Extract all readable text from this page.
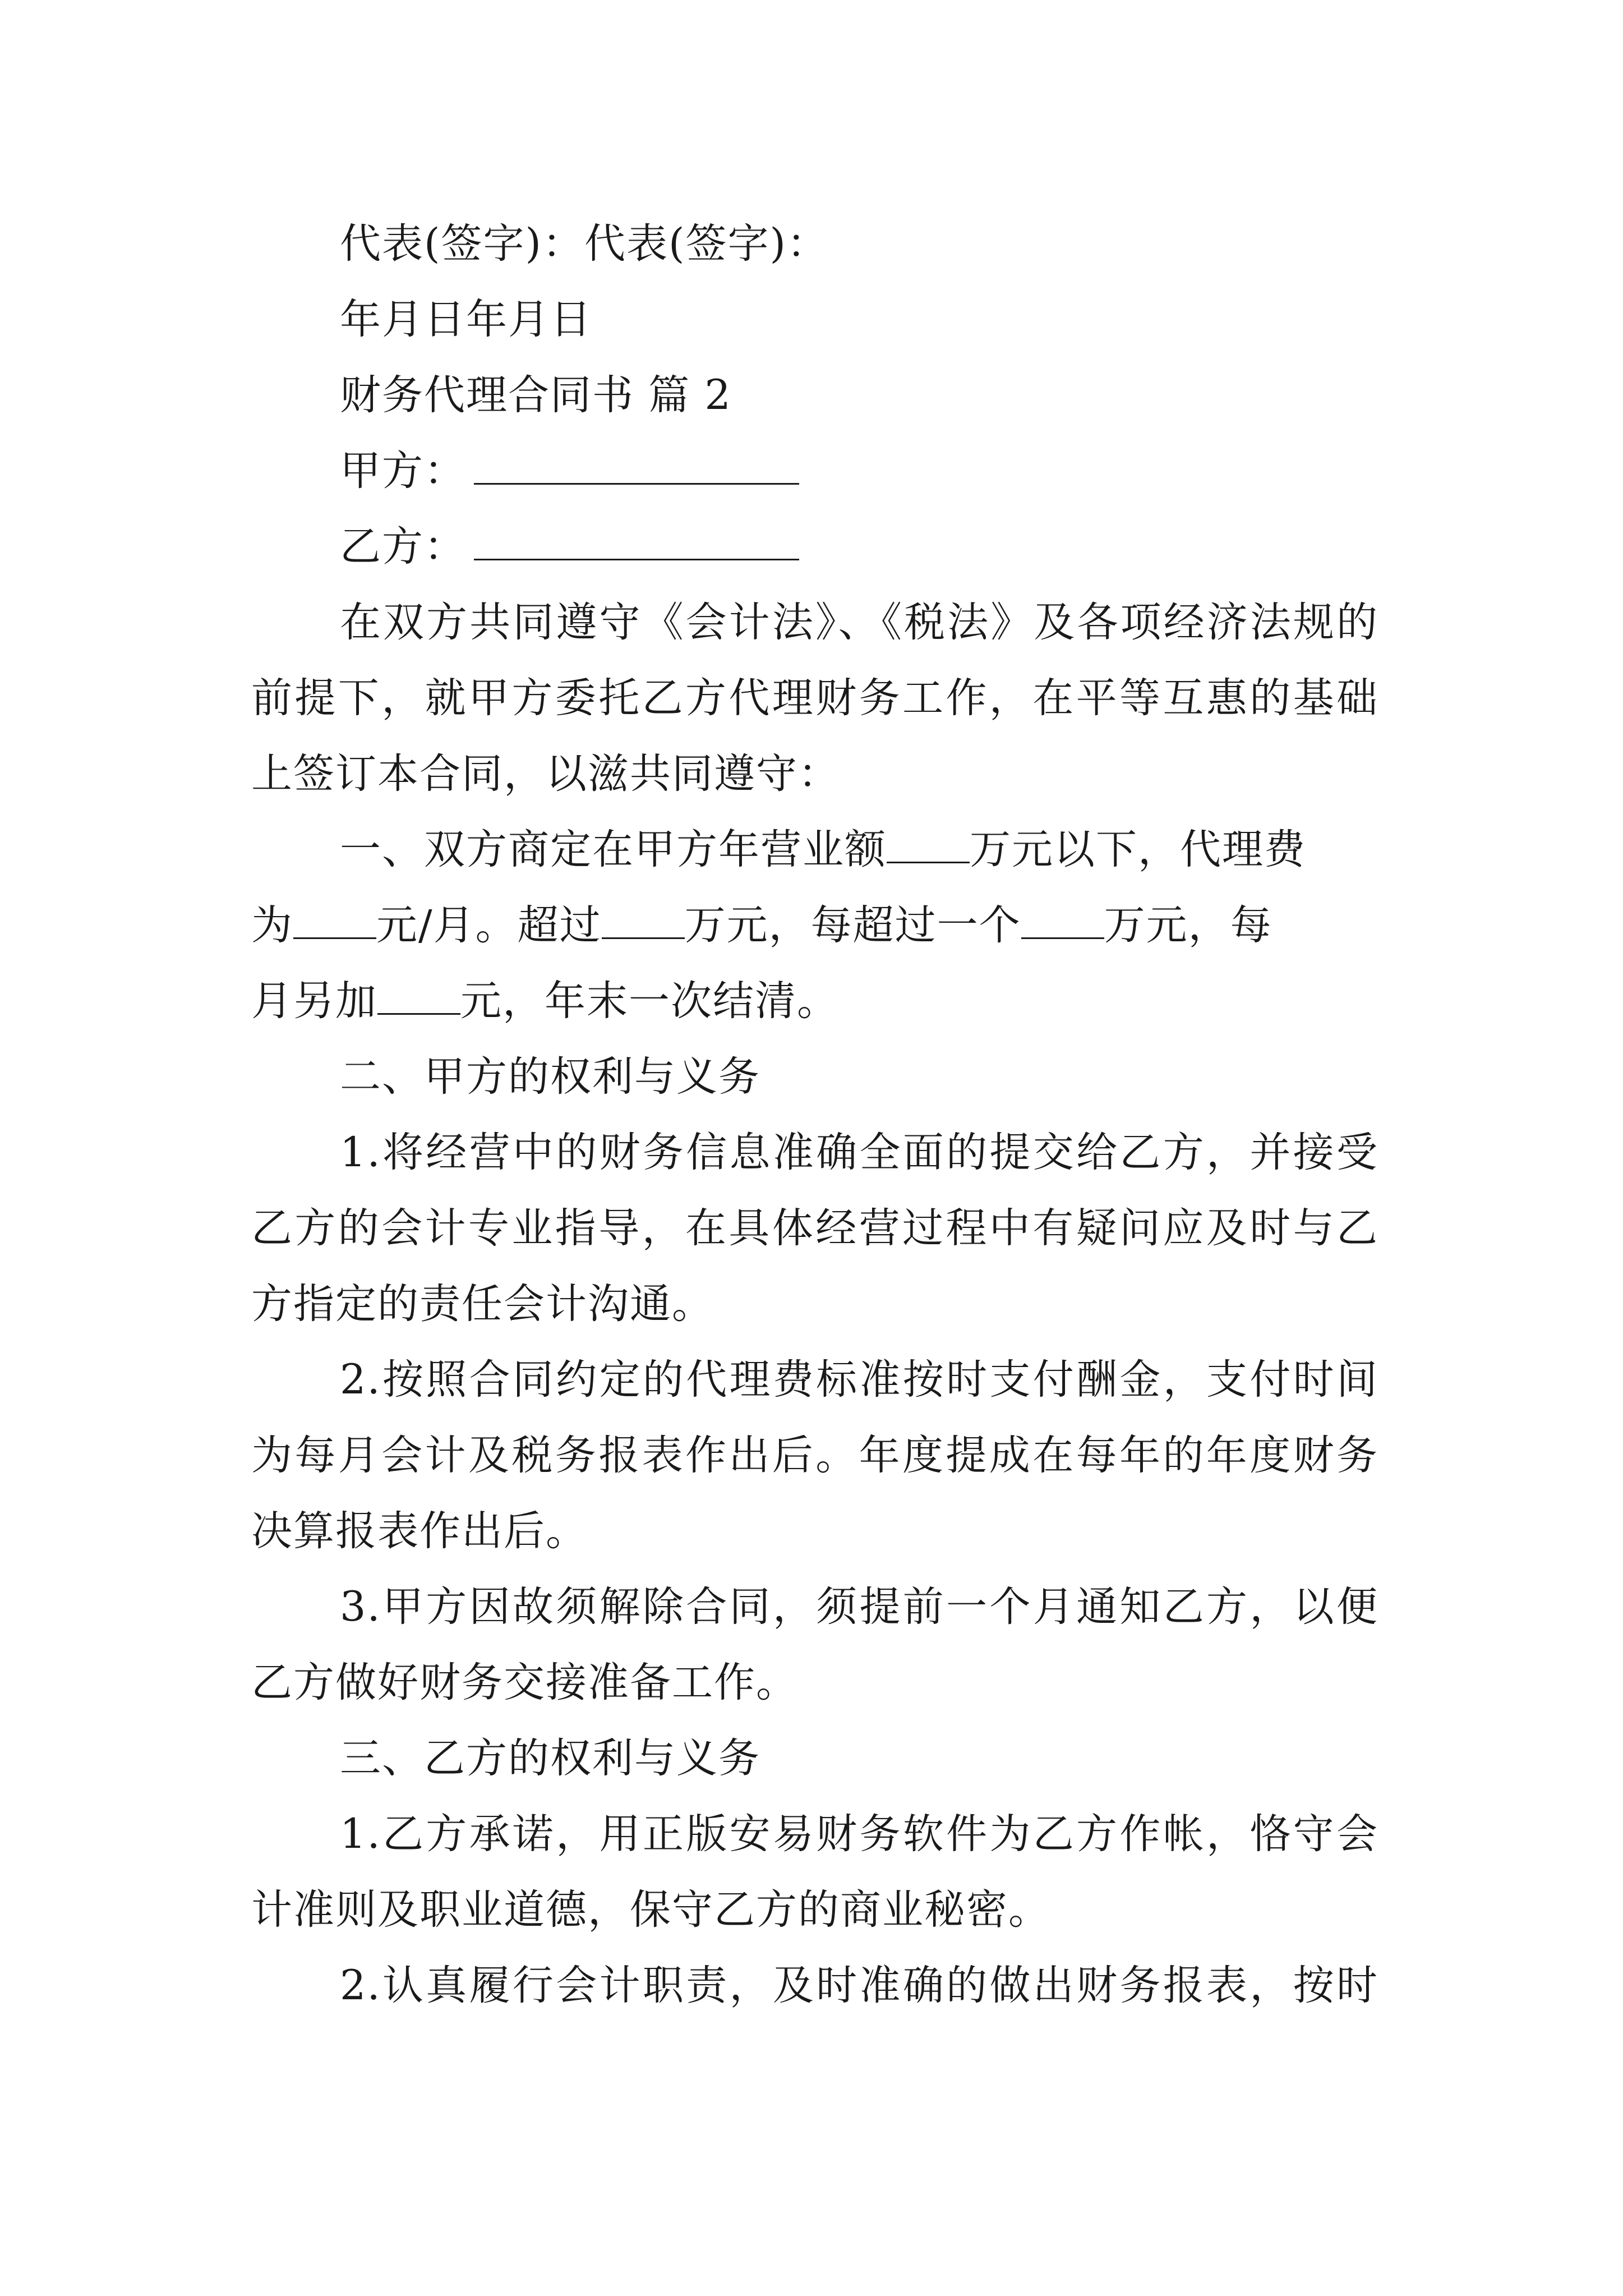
代表(签字)：代表(签字)：
年月日年月日
财务代理合同书 篇 2
甲方：
乙方：
在双方共同遵守《会计法》、《税法》及各项经济法规的
前提下，就甲方委托乙方代理财务工作，在平等互惠的基础
上签订本合同，以滋共同遵守：
一、双方商定在甲方年营业额 万元以下，代理费
为 元/月。超过 万元，每超过一个 万元，每
月另加 元，年末一次结清。
二、甲方的权利与义务
1.将经营中的财务信息准确全面的提交给乙方，并接受
乙方的会计专业指导，在具体经营过程中有疑问应及时与乙
方指定的责任会计沟通。
2.按照合同约定的代理费标准按时支付酬金，支付时间
为每月会计及税务报表作出后。年度提成在每年的年度财务
决算报表作出后。
3.甲方因故须解除合同，须提前一个月通知乙方，以便
乙方做好财务交接准备工作。
三、乙方的权利与义务
1.乙方承诺，用正版安易财务软件为乙方作帐，恪守会
计准则及职业道德，保守乙方的商业秘密。
2.认真履行会计职责，及时准确的做出财务报表，按时
